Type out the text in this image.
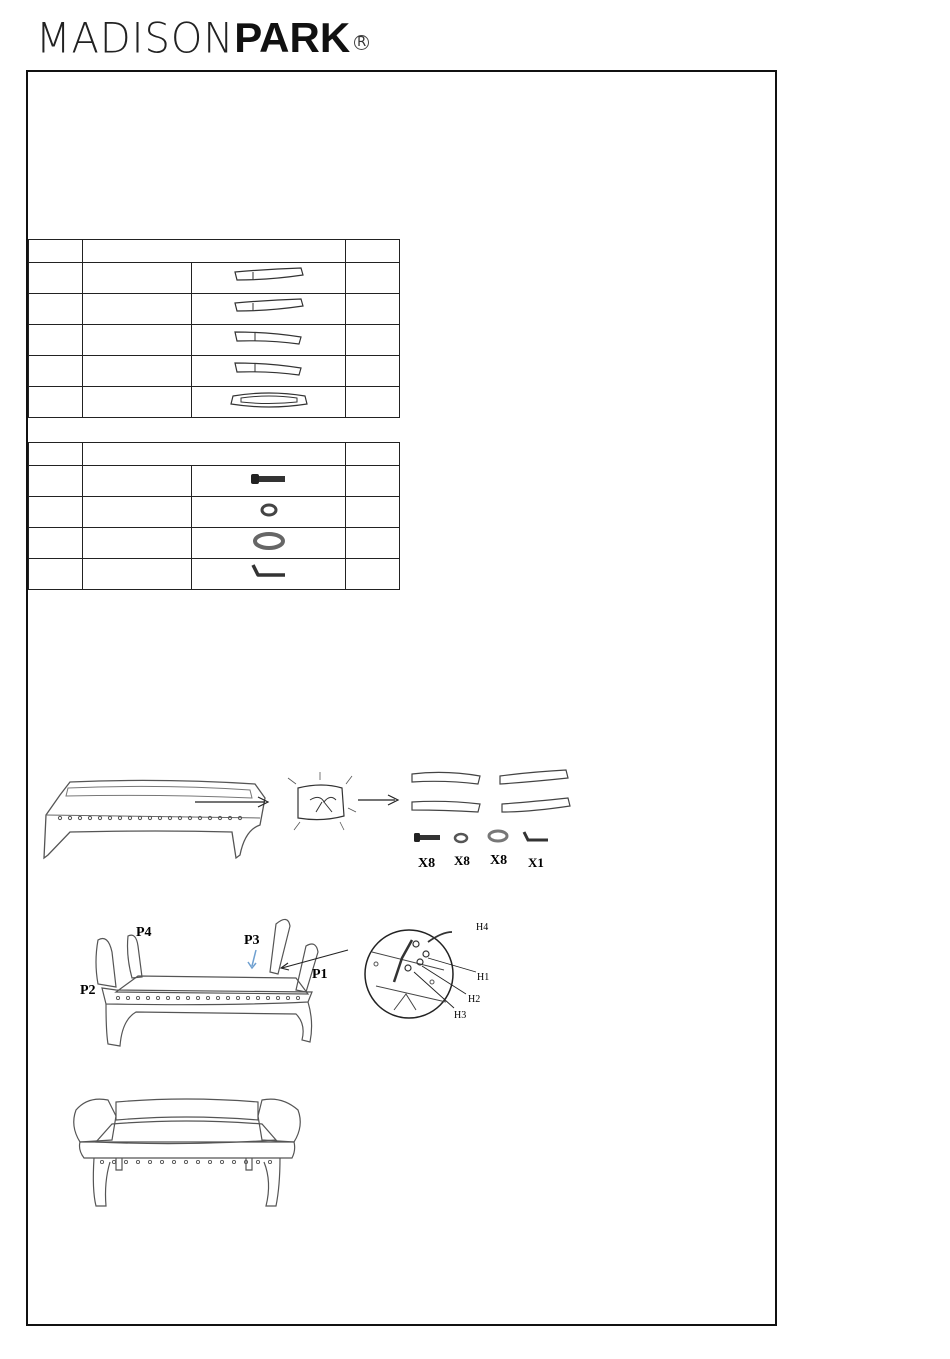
MADISON PARK R

X8 X8 X8 X1
P4
P3
P1
P2
H4
H1
H2
H3
